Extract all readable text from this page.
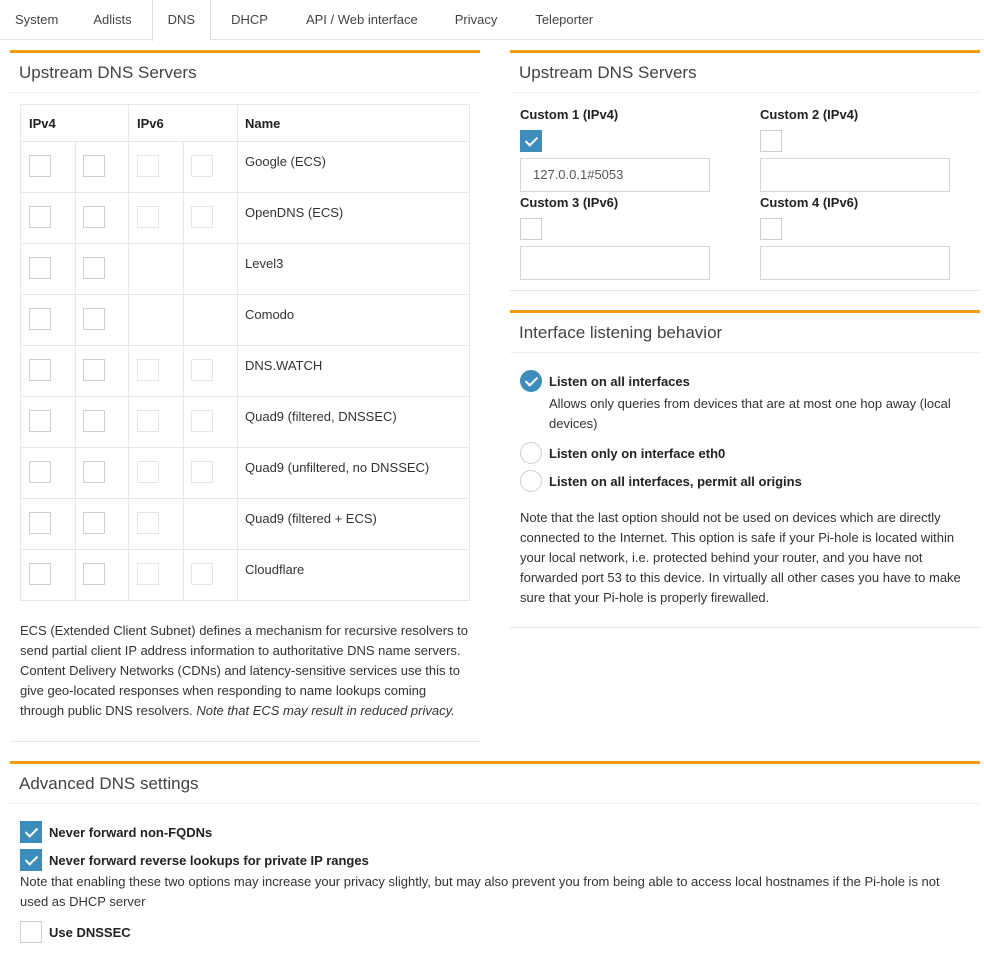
System	Adlists	DNS	DHCP	API / Web interface	Privacy	Teleporter
Upstream DNS Servers
ECS (Extended Client Subnet) defines a mechanism for recursive resolvers to send partial client IP address information to authoritative DNS name servers. Content Delivery Networks (CDNs) and latency-sensitive services use this to give geo-located responses when responding to name lookups coming through public DNS resolvers. Note that ECS may result in reduced privacy.
Upstream DNS Servers
Custom 1 (IPv4)
127.0.0.1#5053
Custom 2 (IPv4)
Custom 3 (IPv6)	Custom 4 (IPv6)
Interface listening behavior
Listen on all interfaces
Allows only queries from devices that are at most one hop away (local devices)
Listen only on interface eth0
Listen on all interfaces, permit all origins
Note that the last option should not be used on devices which are directly connected to the Internet. This option is safe if your Pi-hole is located within your local network, i.e. protected behind your router, and you have not forwarded port 53 to this device. In virtually all other cases you have to make sure that your Pi-hole is properly firewalled.
Advanced DNS settings
Never forward non-FQDNs
Never forward reverse lookups for private IP ranges
Note that enabling these two options may increase your privacy slightly, but may also prevent you from being able to access local hostnames if the Pi-hole is not used as DHCP server
Use DNSSEC
IPv4	IPv6	Name
Google (ECS)
OpenDNS (ECS)
Level3
Comodo
DNS.WATCH
Quad9 (filtered, DNSSEC)
Quad9 (unfiltered, no DNSSEC)
Quad9 (filtered + ECS)
Cloudflare
